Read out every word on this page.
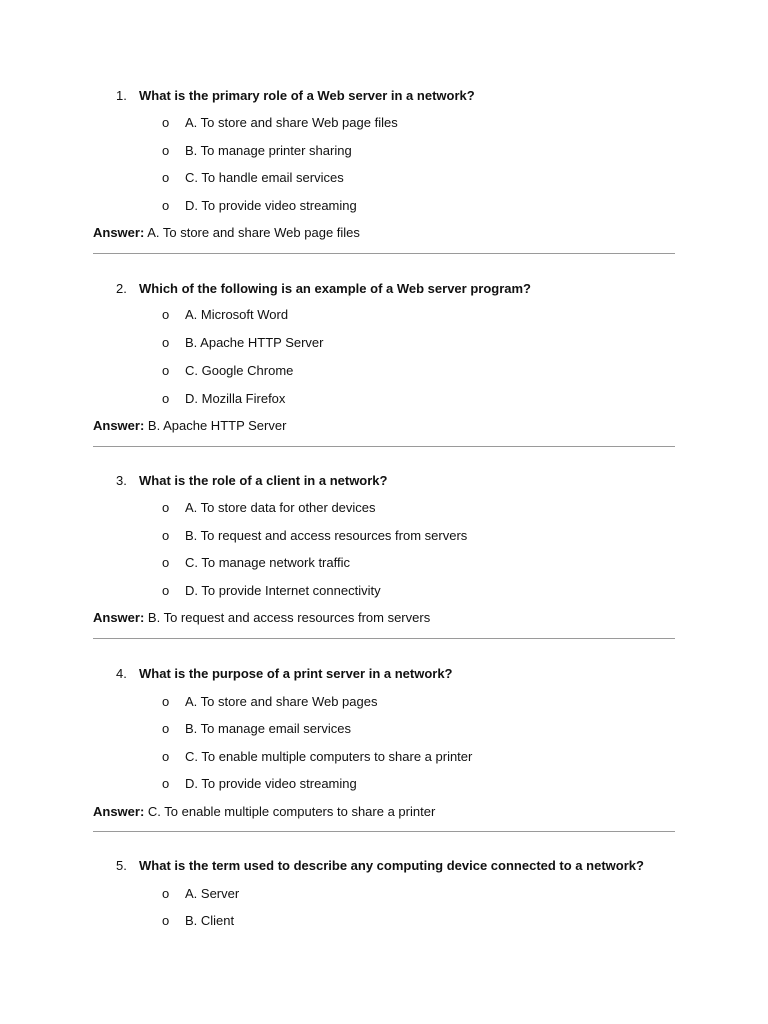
1. What is the primary role of a Web server in a network?
o A. To store and share Web page files
o B. To manage printer sharing
o C. To handle email services
o D. To provide video streaming
Answer: A. To store and share Web page files
2. Which of the following is an example of a Web server program?
o A. Microsoft Word
o B. Apache HTTP Server
o C. Google Chrome
o D. Mozilla Firefox
Answer: B. Apache HTTP Server
3. What is the role of a client in a network?
o A. To store data for other devices
o B. To request and access resources from servers
o C. To manage network traffic
o D. To provide Internet connectivity
Answer: B. To request and access resources from servers
4. What is the purpose of a print server in a network?
o A. To store and share Web pages
o B. To manage email services
o C. To enable multiple computers to share a printer
o D. To provide video streaming
Answer: C. To enable multiple computers to share a printer
5. What is the term used to describe any computing device connected to a network?
o A. Server
o B. Client
